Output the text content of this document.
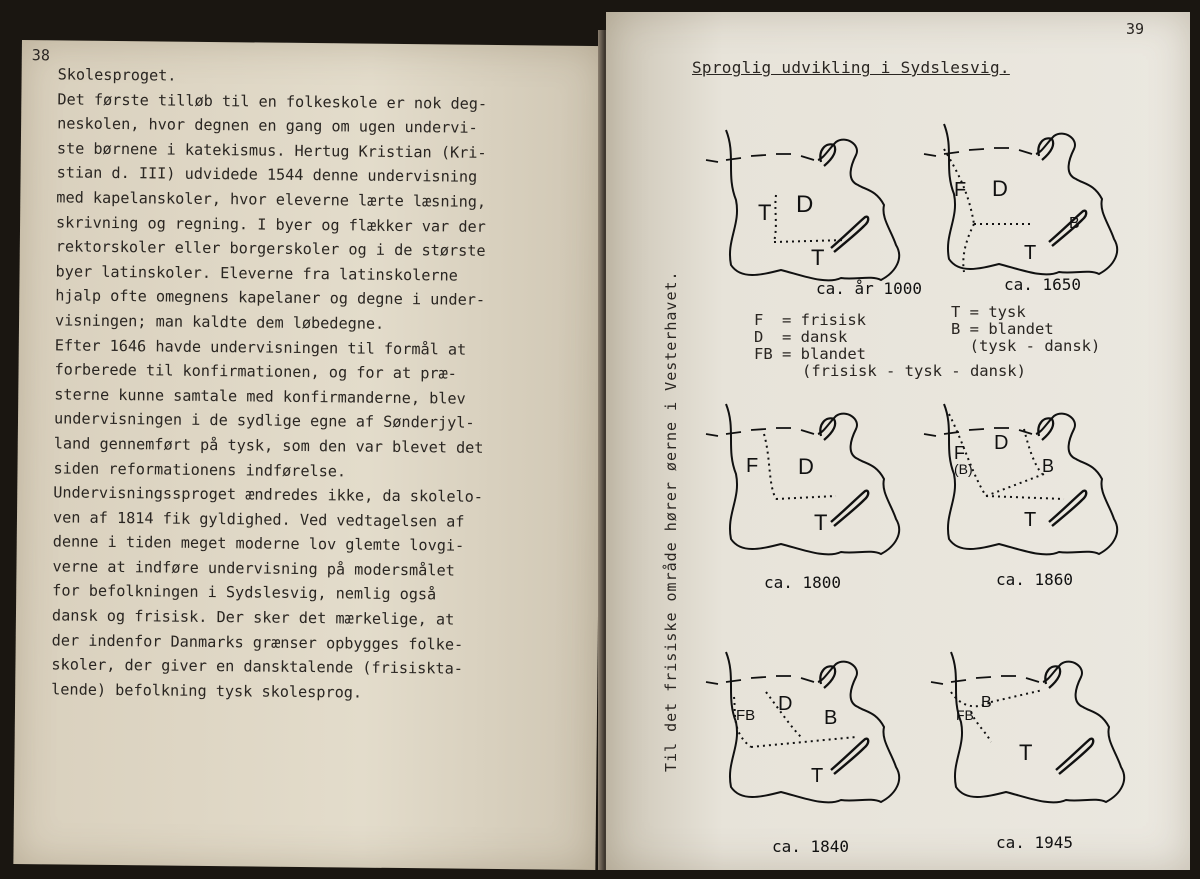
38
Skolesproget.
Det første tilløb til en folkeskole er nok deg-
neskolen, hvor degnen en gang om ugen undervi-
ste børnene i katekismus. Hertug Kristian (Kri-
stian d. III) udvidede 1544 denne undervisning
med kapelanskoler, hvor eleverne lærte læsning,
skrivning og regning. I byer og flækker var der
rektorskoler eller borgerskoler og i de største
byer latinskoler. Eleverne fra latinskolerne
hjalp ofte omegnens kapelaner og degne i under-
visningen; man kaldte dem løbedegne.
Efter 1646 havde undervisningen til formål at
forberede til konfirmationen, og for at præ-
sterne kunne samtale med konfirmanderne, blev
undervisningen i de sydlige egne af Sønderjyl-
land gennemført på tysk, som den var blevet det
siden reformationens indførelse.
Undervisningssproget ændredes ikke, da skolelo-
ven af 1814 fik gyldighed. Ved vedtagelsen af
denne i tiden meget moderne lov glemte lovgi-
verne at indføre undervisning på modersmålet
for befolkningen i Sydslesvig, nemlig også
dansk og frisisk. Der sker det mærkelige, at
der indenfor Danmarks grænser opbygges folke-
skoler, der giver en dansktalende (frisiskta-
lende) befolkning tysk skolesprog.
39
Sproglig udvikling i Sydslesvig.
Til det frisiske område hører øerne i Vesterhavet.
T D
T
ca. år 1000
F D
B
T
ca. 1650
F D
T
ca. 1800
F D
(B)	B
T
ca. 1860
FB
D
B
T
ca. 1840
B
FB
T
ca. 1945
F  = frisisk
D  = dansk
FB = blandet
(frisisk - tysk - dansk)
T = tysk
B = blandet
(tysk - dansk)
